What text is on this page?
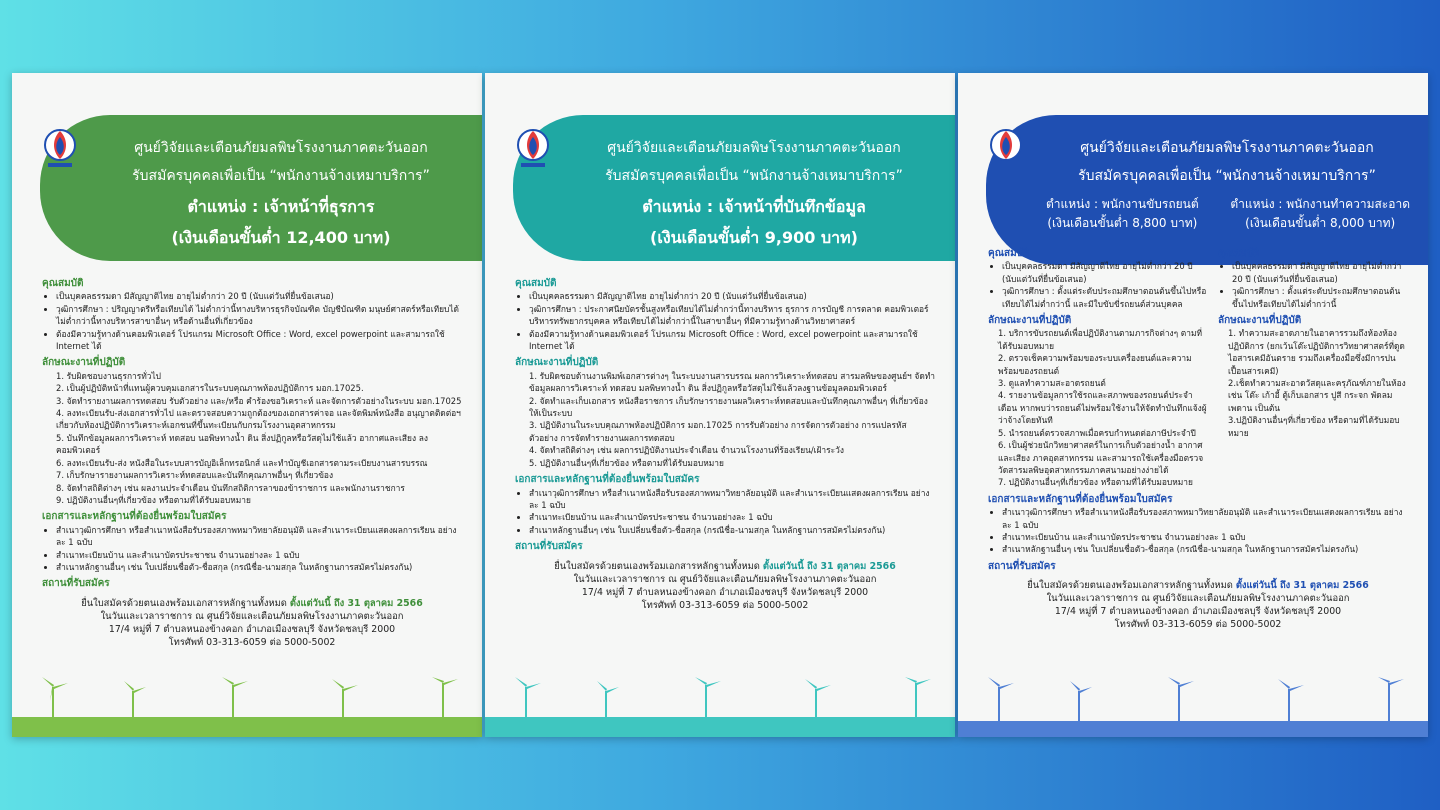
ศูนย์วิจัยและเตือนภัยมลพิษโรงงานภาคตะวันออก
รับสมัครบุคคลเพื่อเป็น “พนักงานจ้างเหมาบริการ”
ตำแหน่ง : เจ้าหน้าที่ธุรการ
(เงินเดือนขั้นต่ำ 12,400 บาท)
คุณสมบัติ
• เป็นบุคคลธรรมดา มีสัญญาติไทย อายุไม่ต่ำกว่า 20 ปี (นับแต่วันที่ยื่นข้อเสนอ)
• วุฒิการศึกษา : ปริญญาตรีหรือเทียบได้ ไม่ต่ำกว่านี้ทางบริหารธุรกิจบัณฑิต บัญชีบัณฑิต มนุษย์ศาสตร์หรือเทียบได้ไม่ต่ำกว่านี้ทางบริหารสาขาอื่นๆ หรือด้านอื่นที่เกี่ยวข้อง
• ต้องมีความรู้ทางด้านคอมพิวเตอร์ โปรแกรม Microsoft Office : Word, excel powerpoint และสามารถใช้ Internet ได้
ลักษณะงานที่ปฏิบัติ
1. รับผิดชอบงานธุรการทั่วไป
2. เป็นผู้ปฏิบัติหน้าที่แทนผู้ควบคุมเอกสารในระบบคุณภาพห้องปฏิบัติการ มอก.17025.
3. จัดทำรายงานผลการทดสอบ รับตัวอย่าง และ/หรือ คำร้องขอวิเคราะห์ และจัดการตัวอย่างในระบบ มอก.17025
4. ลงทะเบียนรับ-ส่งเอกสารทั่วไป และตรวจสอบความถูกต้องของเอกสารค่าจอ และจัดพิมพ์หนังสือ อนุญาตติดต่อฯ เกี่ยวกับห้องปฏิบัติการวิเคราะห์เอกชนที่ขึ้นทะเบียนกับกรมโรงงานอุตสาหกรรม
5. บันทึกข้อมูลผลการวิเคราะห์ ทดสอบ นอพิษทางน้ำ ดิน สิ่งปฏิกูลหรือวัสดุไม่ใช้แล้ว อากาศและเสียง ลงคอมพิวเตอร์
6. ลงทะเบียนรับ-ส่ง หนังสือในระบบสารบัญอิเล็กทรอนิกส์ และทำบัญชีเอกสารตามระเบียบงานสารบรรณ
7. เก็บรักษารายงานผลการวิเคราะห์ทดสอบและบันทึกคุณภาพอื่นๆ ที่เกี่ยวข้อง
8. จัดทำสถิติต่างๆ เช่น ผลงานประจำเดือน บันทึกสถิติการลาของข้าราชการ และพนักงานราชการ
9. ปฏิบัติงานอื่นๆที่เกี่ยวข้อง หรือตามที่ได้รับมอบหมาย
เอกสารและหลักฐานที่ต้องยื่นพร้อมใบสมัคร
• สำเนาวุฒิการศึกษา หรือสำเนาหนังสือรับรองสภาพหมาวิทยาลัยอนุมัติ และสำเนาระเบียนแสดงผลการเรียน อย่างละ 1 ฉบับ
• สำเนาทะเบียนบ้าน และสำเนาบัตรประชาชน จำนวนอย่างละ 1 ฉบับ
• สำเนาหลักฐานอื่นๆ เช่น ใบเปลี่ยนชื่อตัว-ชื่อสกุล (กรณีชื่อ-นามสกุล ในหลักฐานการสมัครไม่ตรงกัน)
สถานที่รับสมัคร
ยื่นใบสมัครด้วยตนเองพร้อมเอกสารหลักฐานทั้งหมด ตั้งแต่วันนี้ ถึง 31 ตุลาคม 2566
ในวันและเวลาราชการ ณ ศูนย์วิจัยและเตือนภัยมลพิษโรงงานภาคตะวันออก
17/4 หมู่ที่ 7 ตำบลหนองข้างคอก อำเภอเมืองชลบุรี จังหวัดชลบุรี 2000
โทรศัพท์ 03-313-6059 ต่อ 5000-5002
ศูนย์วิจัยและเตือนภัยมลพิษโรงงานภาคตะวันออก
รับสมัครบุคคลเพื่อเป็น “พนักงานจ้างเหมาบริการ”
ตำแหน่ง : เจ้าหน้าที่บันทึกข้อมูล
(เงินเดือนขั้นต่ำ 9,900 บาท)
คุณสมบัติ
• เป็นบุคคลธรรมดา มีสัญญาติไทย อายุไม่ต่ำกว่า 20 ปี (นับแต่วันที่ยื่นข้อเสนอ)
• วุฒิการศึกษา : ประกาศนียบัตรชั้นสูงหรือเทียบได้ไม่ต่ำกว่านี้ทางบริหาร ธุรการ การบัญชี การตลาด คอมพิวเตอร์ บริหารทรัพยากรบุคคล หรือเทียบได้ไม่ต่ำกว่านี้ในสาขาอื่นๆ ที่มีความรู้ทางด้านวิทยาศาสตร์
• ต้องมีความรู้ทางด้านคอมพิวเตอร์ โปรแกรม Microsoft Office : Word, excel powerpoint และสามารถใช้ Internet ได้
ลักษณะงานที่ปฏิบัติ
1. รับผิดชอบด้านงานพิมพ์เอกสารต่างๆ ในระบบงานสารบรรณ ผลการวิเคราะห์ทดสอบ สารมลพิษของศูนย์ฯ จัดทำข้อมูลผลการวิเคราะห์ ทดสอบ มลพิษทางน้ำ ดิน สิ่งปฏิกูลหรือวัสดุไม่ใช้แล้วลงฐานข้อมูลคอมพิวเตอร์
2. จัดทำและเก็บเอกสาร หนังสือราชการ เก็บรักษารายงานผลวิเคราะห์ทดสอบและบันทึกคุณภาพอื่นๆ ที่เกี่ยวข้องให้เป็นระบบ
3. ปฏิบัติงานในระบบคุณภาพห้องปฏิบัติการ มอก.17025 การรับตัวอย่าง การจัดการตัวอย่าง การแปลรหัสตัวอย่าง การจัดทำรายงานผลการทดสอบ
4. จัดทำสถิติต่างๆ เช่น ผลการปฏิบัติงานประจำเดือน จำนวนโรงงานที่ร้องเรียน/เฝ้าระวัง
5. ปฏิบัติงานอื่นๆที่เกี่ยวข้อง หรือตามที่ได้รับมอบหมาย
เอกสารและหลักฐานที่ต้องยื่นพร้อมใบสมัคร
• สำเนาวุฒิการศึกษา หรือสำเนาหนังสือรับรองสภาพหมาวิทยาลัยอนุมัติ และสำเนาระเบียนแสดงผลการเรียน อย่างละ 1 ฉบับ
• สำเนาทะเบียนบ้าน และสำเนาบัตรประชาชน จำนวนอย่างละ 1 ฉบับ
• สำเนาหลักฐานอื่นๆ เช่น ใบเปลี่ยนชื่อตัว-ชื่อสกุล (กรณีชื่อ-นามสกุล ในหลักฐานการสมัครไม่ตรงกัน)
สถานที่รับสมัคร
ยื่นใบสมัครด้วยตนเองพร้อมเอกสารหลักฐานทั้งหมด ตั้งแต่วันนี้ ถึง 31 ตุลาคม 2566
ในวันและเวลาราชการ ณ ศูนย์วิจัยและเตือนภัยมลพิษโรงงานภาคตะวันออก
17/4 หมู่ที่ 7 ตำบลหนองข้างคอก อำเภอเมืองชลบุรี จังหวัดชลบุรี 2000
โทรศัพท์ 03-313-6059 ต่อ 5000-5002
ศูนย์วิจัยและเตือนภัยมลพิษโรงงานภาคตะวันออก
รับสมัครบุคคลเพื่อเป็น “พนักงานจ้างเหมาบริการ”
ตำแหน่ง : พนักงานขับรถยนต์
(เงินเดือนขั้นต่ำ 8,800 บาท)
ตำแหน่ง : พนักงานทำความสะอาด
(เงินเดือนขั้นต่ำ 8,000 บาท)
คุณสมบัติ
• เป็นบุคคลธรรมดา มีสัญญาติไทย อายุไม่ต่ำกว่า 20 ปี (นับแต่วันที่ยื่นข้อเสนอ)
• วุฒิการศึกษา : ตั้งแต่ระดับประถมศึกษาตอนต้นขึ้นไปหรือเทียบได้ไม่ต่ำกว่านี้ และมีใบขับขี่รถยนต์ส่วนบุคคล
ลักษณะงานที่ปฏิบัติ
1. บริการขับรถยนต์เพื่อปฏิบัติงานตามภารกิจต่างๆ ตามที่ได้รับมอบหมาย
2. ตรวจเช็คความพร้อมของระบบเครื่องยนต์และความพร้อมของรถยนต์
3. ดูแลทำความสะอาดรถยนต์
4. รายงานข้อมูลการใช้รถและสภาพของรถยนต์ประจำเดือน หากพบว่ารถยนต์ไม่พร้อมใช้งานให้จัดทำบันทึกแจ้งผู้ว่าจ้างโดยทันที
5. นำรถยนต์ตรวจสภาพเมื่อครบกำหนดต่อภาษีประจำปี
6. เป็นผู้ช่วยนักวิทยาศาสตร์ในการเก็บตัวอย่างน้ำ อากาศ และเสียง ภาคอุตสาหกรรม และสามารถใช้เครื่องมือตรวจวัดสารมลพิษอุตสาหกรรมภาคสนามอย่างง่ายได้
7. ปฏิบัติงานอื่นๆที่เกี่ยวข้อง หรือตามที่ได้รับมอบหมาย
คุณสมบัติ
• เป็นบุคคลธรรมดา มีสัญญาติไทย อายุไม่ต่ำกว่า 20 ปี (นับแต่วันที่ยื่นข้อเสนอ)
• วุฒิการศึกษา : ตั้งแต่ระดับประถมศึกษาตอนต้นขึ้นไปหรือเทียบได้ไม่ต่ำกว่านี้
ลักษณะงานที่ปฏิบัติ
1. ทำความสะอาดภายในอาคารรวมถึงห้องห้องปฏิบัติการ (ยกเว้นโต๊ะปฏิบัติการวิทยาศาสตร์ที่ดูดไอสารเคมีอันตราย รวมถึงเครื่องมือซึ่งมีการปนเปื้อนสารเคมี)
2.เช็ดทำความสะอาดวัสดุและครุภัณฑ์ภายในห้อง เช่น โต๊ะ เก้าอี้ ตู้เก็บเอกสาร ปูสี กระจก พัดลม เพดาน เป็นต้น
3.ปฏิบัติงานอื่นๆที่เกี่ยวข้อง หรือตามที่ได้รับมอบหมาย
เอกสารและหลักฐานที่ต้องยื่นพร้อมใบสมัคร
• สำเนาวุฒิการศึกษา หรือสำเนาหนังสือรับรองสภาพหมาวิทยาลัยอนุมัติ และสำเนาระเบียนแสดงผลการเรียน อย่างละ 1 ฉบับ
• สำเนาทะเบียนบ้าน และสำเนาบัตรประชาชน จำนวนอย่างละ 1 ฉบับ
• สำเนาหลักฐานอื่นๆ เช่น ใบเปลี่ยนชื่อตัว-ชื่อสกุล (กรณีชื่อ-นามสกุล ในหลักฐานการสมัครไม่ตรงกัน)
สถานที่รับสมัคร
ยื่นใบสมัครด้วยตนเองพร้อมเอกสารหลักฐานทั้งหมด ตั้งแต่วันนี้ ถึง 31 ตุลาคม 2566
ในวันและเวลาราชการ ณ ศูนย์วิจัยและเตือนภัยมลพิษโรงงานภาคตะวันออก
17/4 หมู่ที่ 7 ตำบลหนองข้างคอก อำเภอเมืองชลบุรี จังหวัดชลบุรี 2000
โทรศัพท์ 03-313-6059 ต่อ 5000-5002
